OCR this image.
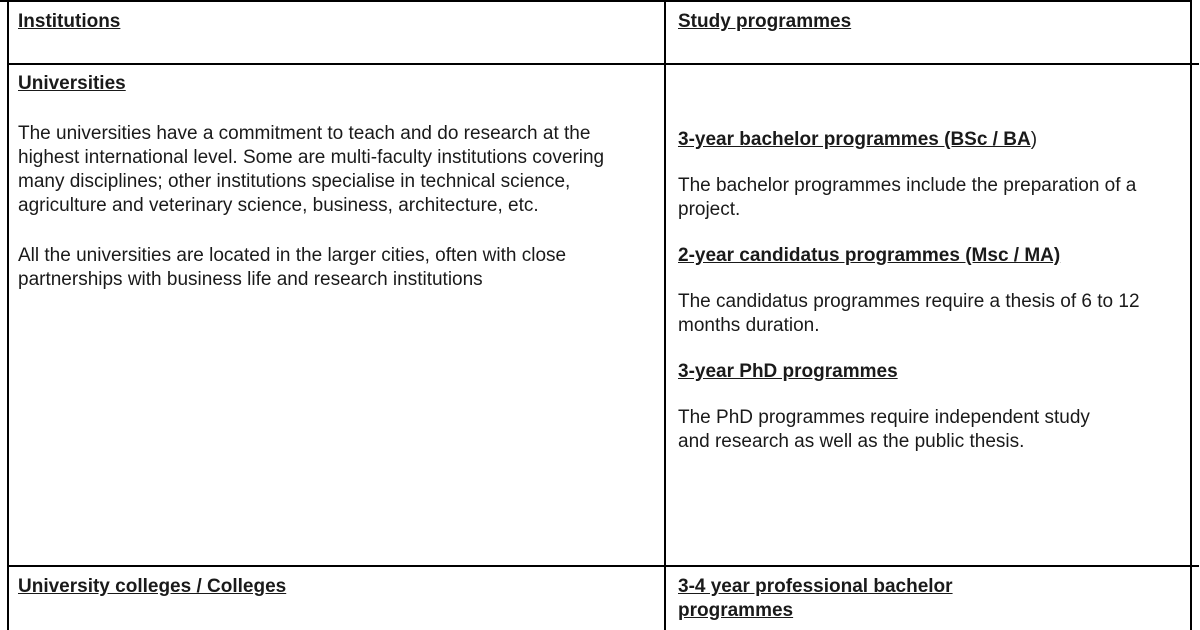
Institutions	Study programmes

Universities

The universities have a commitment to teach and do research at the highest international level. Some are multi-faculty institutions covering many disciplines; other institutions specialise in technical science, agriculture and veterinary science, business, architecture, etc.

All the universities are located in the larger cities, often with close partnerships with business life and research institutions

3-year bachelor programmes (BSc / BA)

The bachelor programmes include the preparation of a project.

2-year candidatus programmes (Msc / MA)

The candidatus programmes require a thesis of 6 to 12 months duration.

3-year PhD programmes

The PhD programmes require independent study and research as well as the public thesis.

University colleges / Colleges	3-4 year professional bachelor programmes
